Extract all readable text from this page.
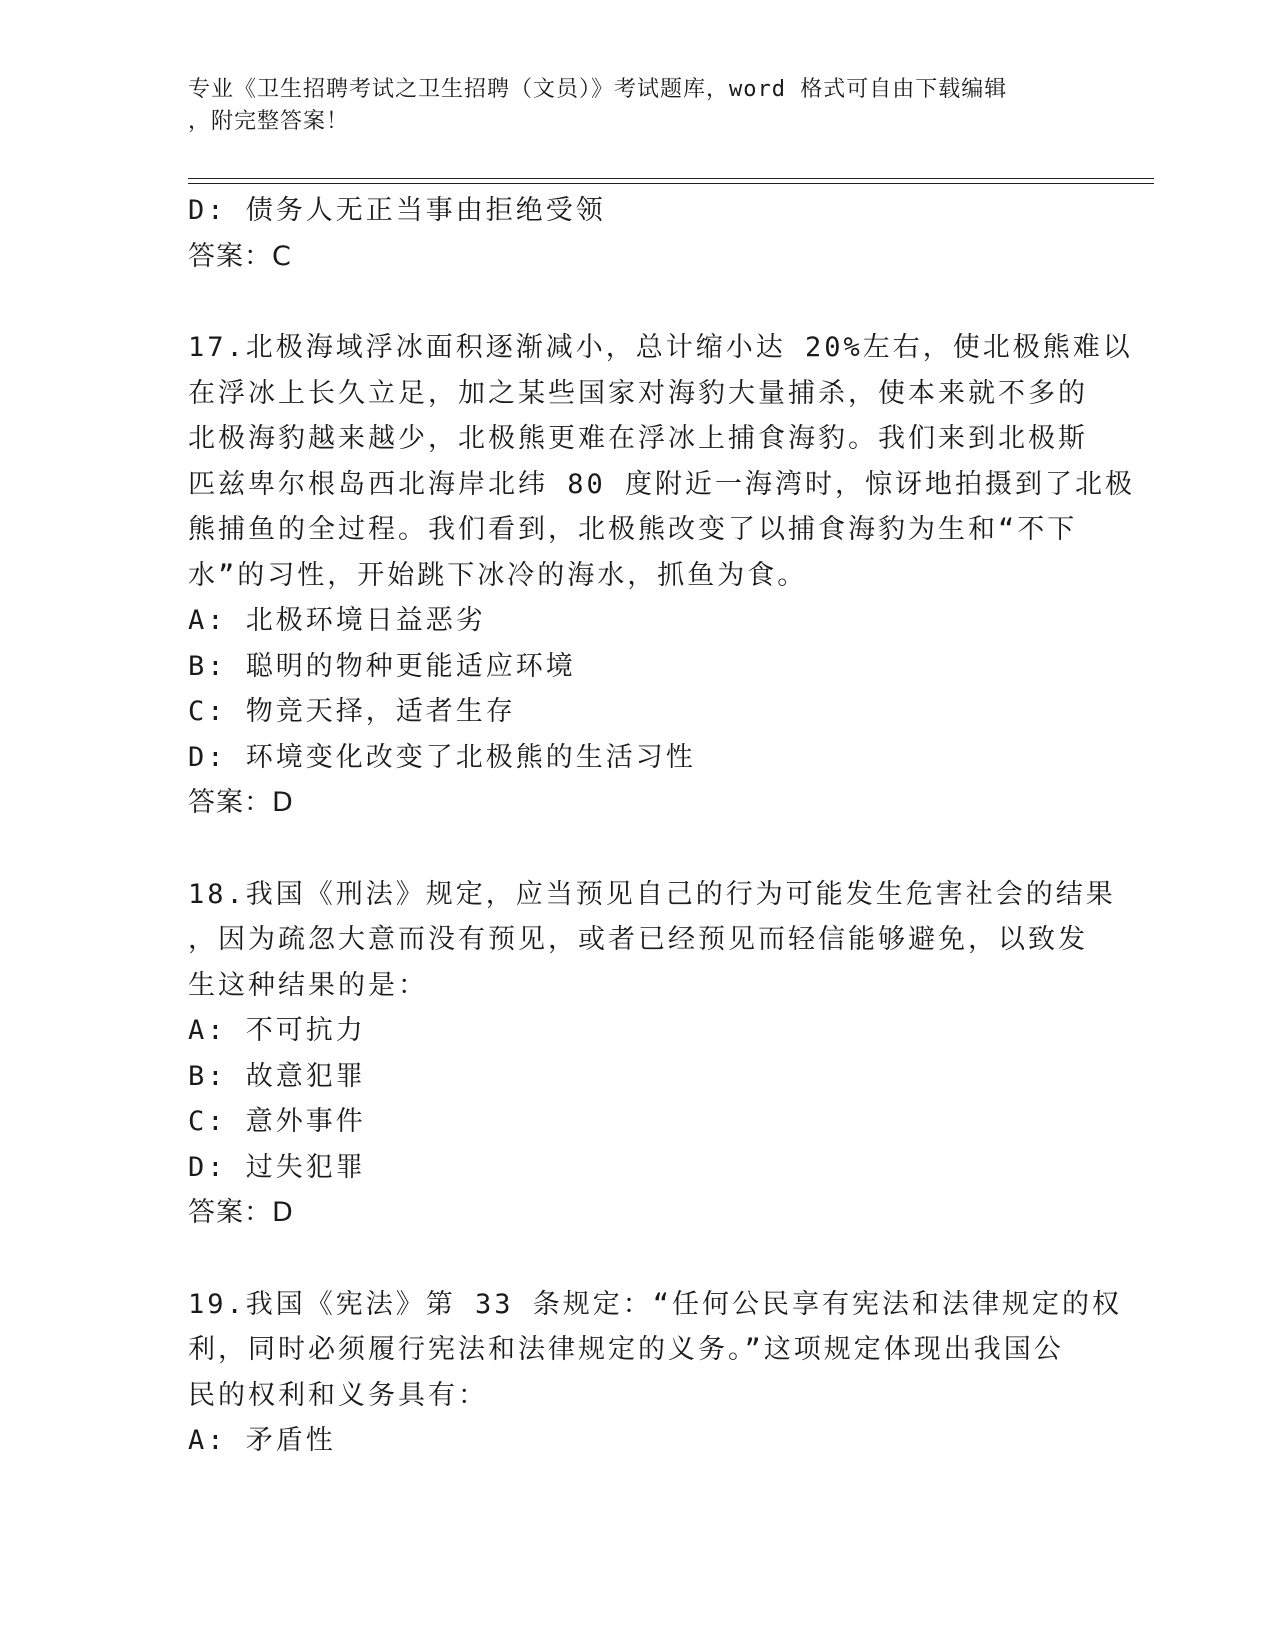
专业《卫生招聘考试之卫生招聘（文员）》考试题库，word 格式可自由下载编辑
，附完整答案！
D: 债务人无正当事由拒绝受领
答案：C
17.北极海域浮冰面积逐渐减小，总计缩小达 20%左右，使北极熊难以
在浮冰上长久立足，加之某些国家对海豹大量捕杀，使本来就不多的
北极海豹越来越少，北极熊更难在浮冰上捕食海豹。我们来到北极斯
匹兹卑尔根岛西北海岸北纬 80 度附近一海湾时，惊讶地拍摄到了北极
熊捕鱼的全过程。我们看到，北极熊改变了以捕食海豹为生和“不下
水”的习性，开始跳下冰冷的海水，抓鱼为食。
A: 北极环境日益恶劣
B: 聪明的物种更能适应环境
C: 物竞天择，适者生存
D: 环境变化改变了北极熊的生活习性
答案：D
18.我国《刑法》规定，应当预见自己的行为可能发生危害社会的结果
，因为疏忽大意而没有预见，或者已经预见而轻信能够避免，以致发
生这种结果的是：
A: 不可抗力
B: 故意犯罪
C: 意外事件
D: 过失犯罪
答案：D
19.我国《宪法》第 33 条规定：“任何公民享有宪法和法律规定的权
利，同时必须履行宪法和法律规定的义务。”这项规定体现出我国公
民的权利和义务具有：
A: 矛盾性
